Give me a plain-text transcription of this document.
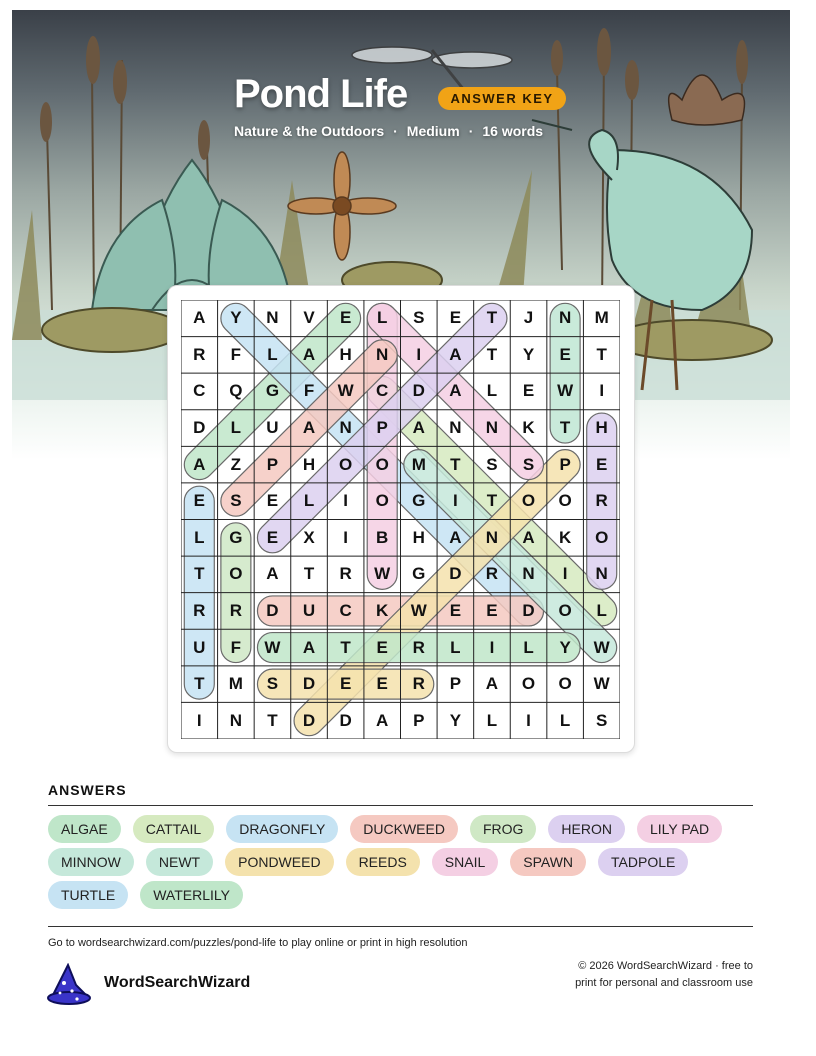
Pond Life	ANSWER KEY
Nature & the Outdoors · Medium · 16 words
A	Y	N	V	E	L	S	E	T	J	N	M
R	F	L	A	H	N	I	A	T	Y	E	T
C	Q	G	F	W	C	D	A	L	E	W	I
D	L	U	A	N	P	A	N	N	K	T	H
A	Z	P	H	O	O	M	T	S	S	P	E
E	S	E	L	I	O	G	I	T	O	O	R
L	G	E	X	I	B	H	A	N	A	K	O
T	O	A	T	R	W	G	D	R	N	I	N
R	R	D	U	C	K	W	E	E	D	O	L
U	F	W	A	T	E	R	L	I	L	Y	W
T	M	S	D	E	E	R	P	A	O	O	W
I	N	T	D	D	A	P	Y	L	I	L	S
ANSWERS
ALGAE	CATTAIL	DRAGONFLY	DUCKWEED	FROG	HERON	LILY PAD
MINNOW	NEWT	PONDWEED	REEDS	SNAIL	SPAWN	TADPOLE
TURTLE	WATERLILY
Go to wordsearchwizard.com/puzzles/pond-life to play online or print in high resolution
WordSearchWizard
© 2026 WordSearchWizard · free to print for personal and classroom use
